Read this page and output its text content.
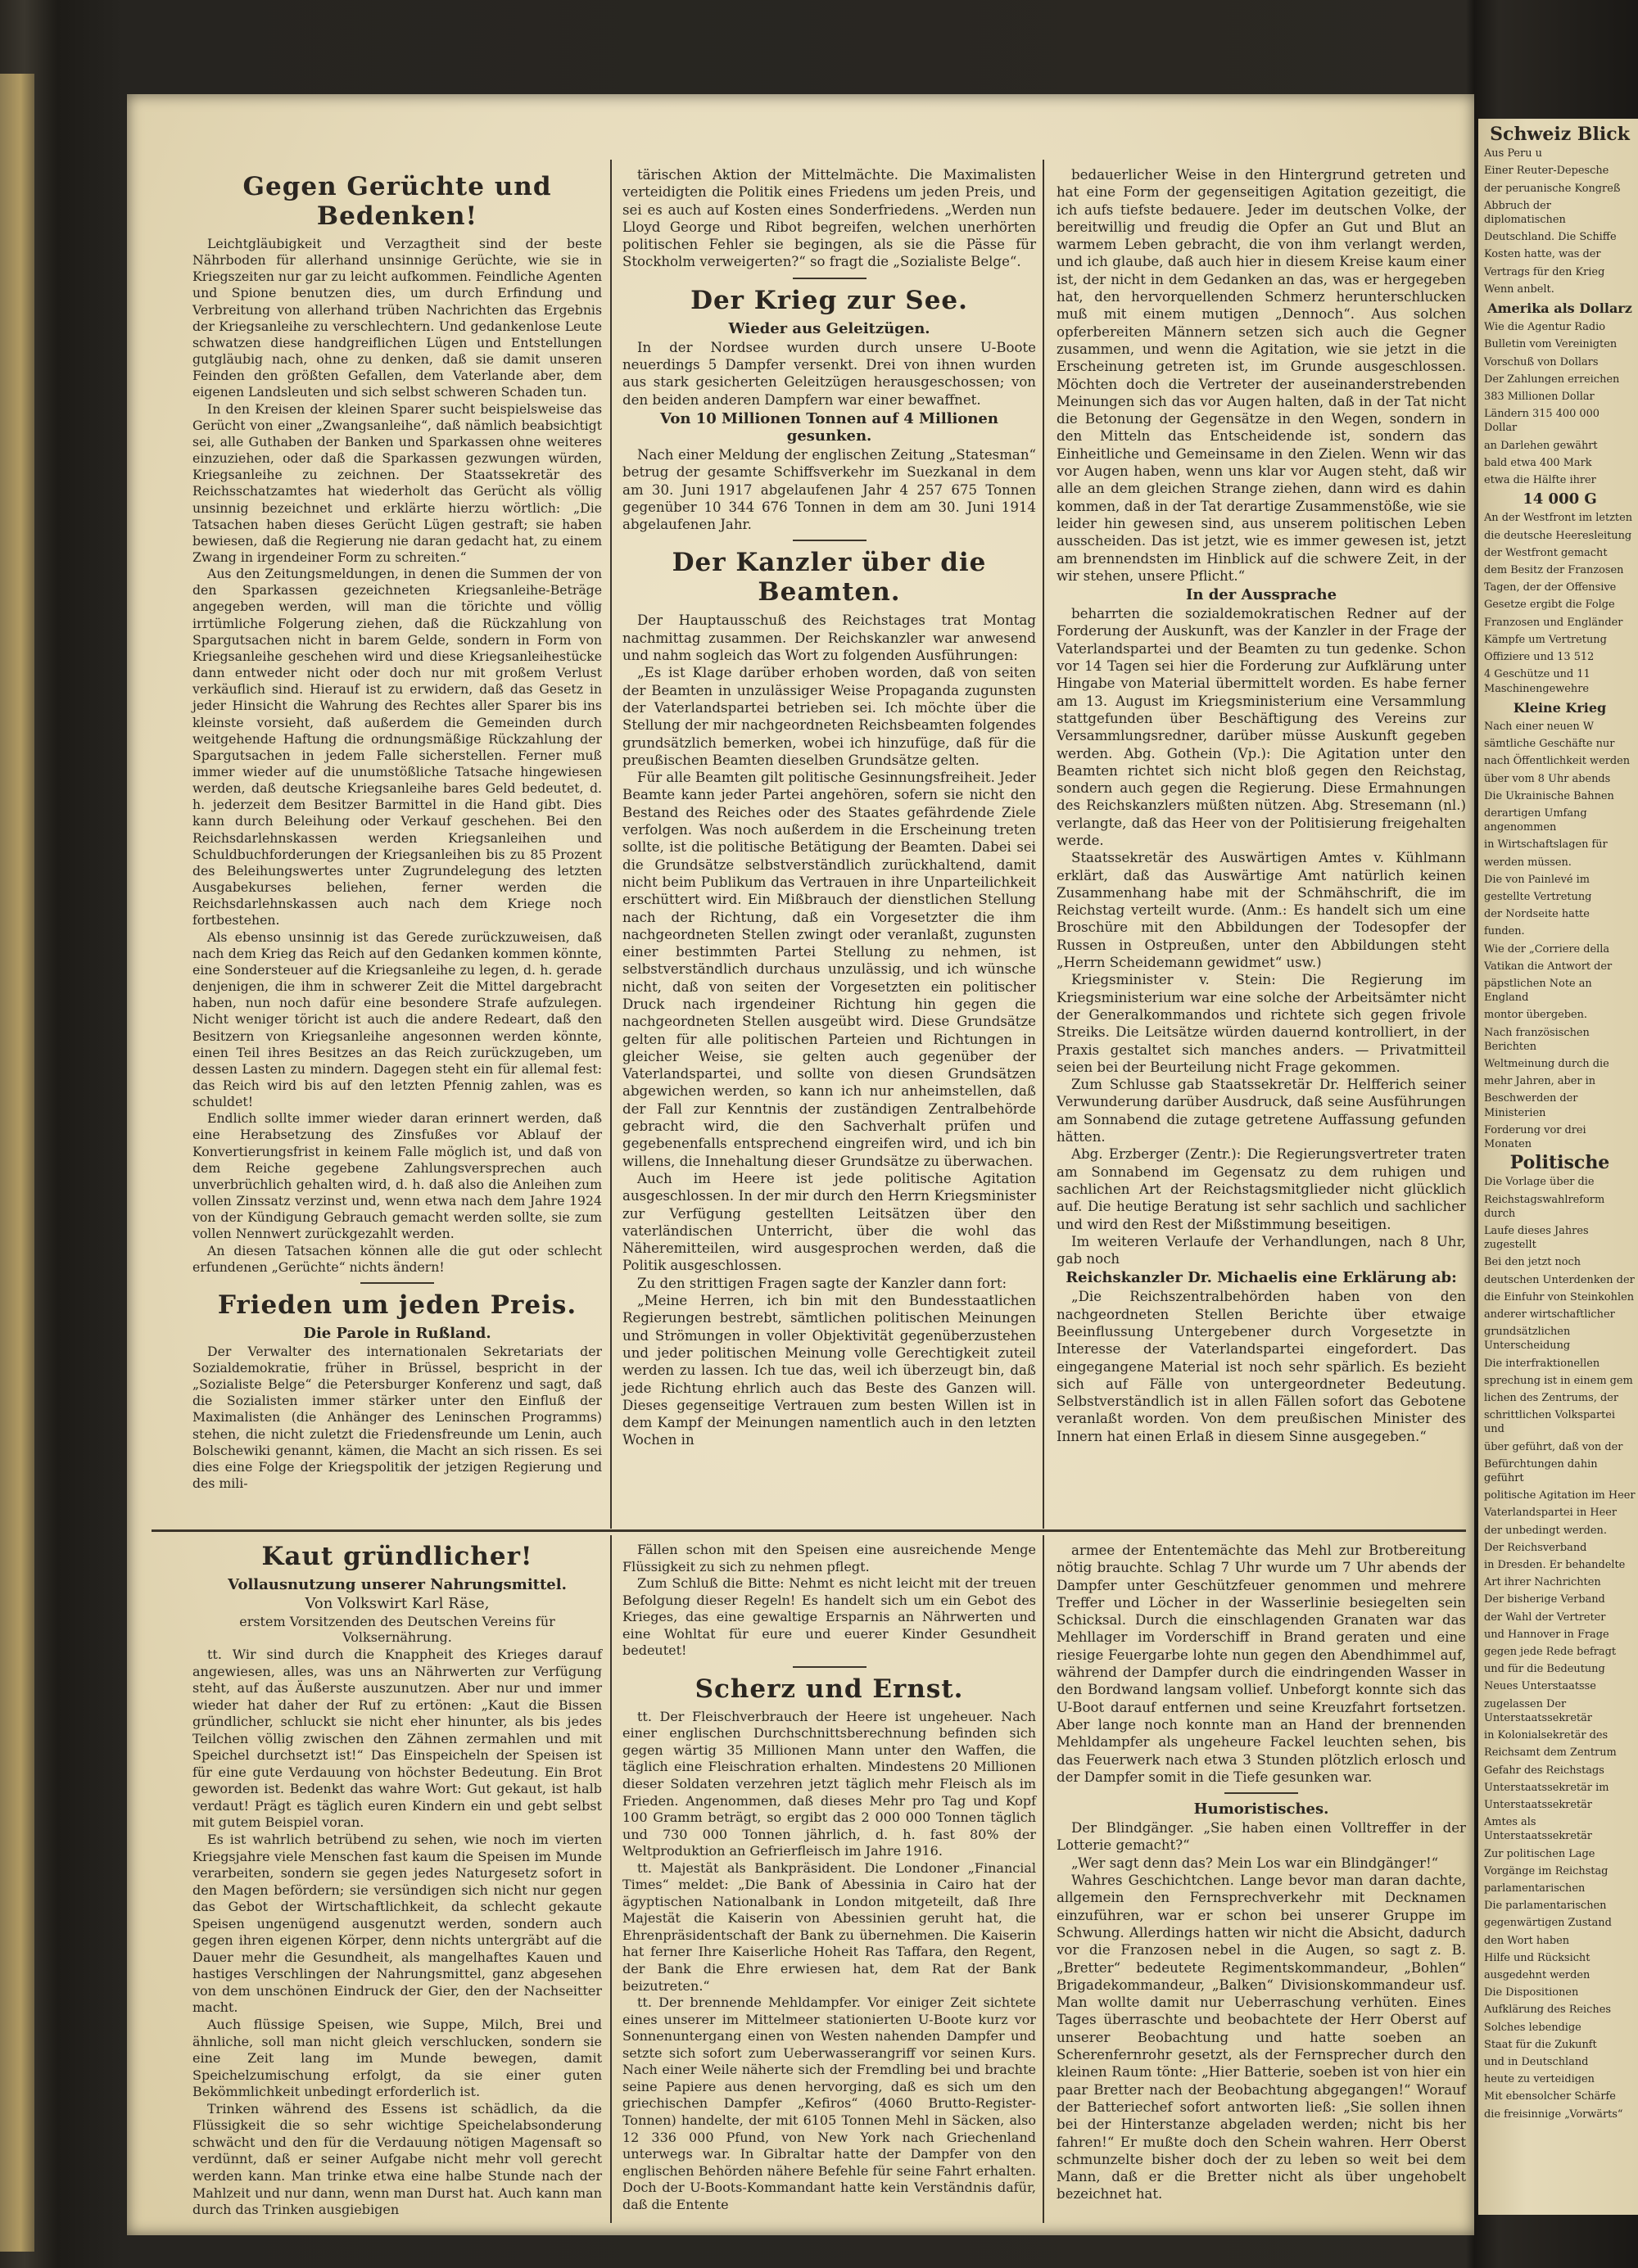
Gegen Gerüchte und Bedenken!

Leichtgläubigkeit und Verzagtheit sind der beste Nährboden für allerhand unsinnige Gerüchte, wie sie in Kriegszeiten nur gar zu leicht aufkommen. Feindliche Agenten und Spione benutzen dies, um durch Erfindung und Verbreitung von allerhand trüben Nachrichten das Ergebnis der Kriegsanleihe zu verschlechtern. Und gedankenlose Leute schwatzen diese handgreiflichen Lügen und Entstellungen gutgläubig nach, ohne zu denken, daß sie damit unseren Feinden den größten Gefallen, dem Vaterlande aber, dem eigenen Landsleuten und sich selbst schweren Schaden tun.

In den Kreisen der kleinen Sparer sucht beispielsweise das Gerücht von einer „Zwangsanleihe“, daß nämlich beabsichtigt sei, alle Guthaben der Banken und Sparkassen ohne weiteres einzuziehen, oder daß die Sparkassen gezwungen würden, Kriegsanleihe zu zeichnen. Der Staatssekretär des Reichsschatzamtes hat wiederholt das Gerücht als völlig unsinnig bezeichnet und erklärte hierzu wörtlich: „Die Tatsachen haben dieses Gerücht Lügen gestraft; sie haben bewiesen, daß die Regierung nie daran gedacht hat, zu einem Zwang in irgendeiner Form zu schreiten.“

Aus den Zeitungsmeldungen, in denen die Summen der von den Sparkassen gezeichneten Kriegsanleihe-Beträge angegeben werden, will man die törichte und völlig irrtümliche Folgerung ziehen, daß die Rückzahlung von Spargutsachen nicht in barem Gelde, sondern in Form von Kriegsanleihe geschehen wird und diese Kriegsanleihestücke dann entweder nicht oder doch nur mit großem Verlust verkäuflich sind. Hierauf ist zu erwidern, daß das Gesetz in jeder Hinsicht die Wahrung des Rechtes aller Sparer bis ins kleinste vorsieht, daß außerdem die Gemeinden durch weitgehende Haftung die ordnungsmäßige Rückzahlung der Spargutsachen in jedem Falle sicherstellen. Ferner muß immer wieder auf die unumstößliche Tatsache hingewiesen werden, daß deutsche Kriegsanleihe bares Geld bedeutet, d. h. jederzeit dem Besitzer Barmittel in die Hand gibt. Dies kann durch Beleihung oder Verkauf geschehen. Bei den Reichsdarlehnskassen werden Kriegsanleihen und Schuldbuchforderungen der Kriegsanleihen bis zu 85 Prozent des Beleihungswertes unter Zugrundelegung des letzten Ausgabekurses beliehen, ferner werden die Reichsdarlehnskassen auch nach dem Kriege noch fortbestehen.

Als ebenso unsinnig ist das Gerede zurückzuweisen, daß nach dem Krieg das Reich auf den Gedanken kommen könnte, eine Sondersteuer auf die Kriegsanleihe zu legen, d. h. gerade denjenigen, die ihm in schwerer Zeit die Mittel dargebracht haben, nun noch dafür eine besondere Strafe aufzulegen. Nicht weniger töricht ist auch die andere Redeart, daß den Besitzern von Kriegsanleihe angesonnen werden könnte, einen Teil ihres Besitzes an das Reich zurückzugeben, um dessen Lasten zu mindern. Dagegen steht ein für allemal fest: das Reich wird bis auf den letzten Pfennig zahlen, was es schuldet!

Endlich sollte immer wieder daran erinnert werden, daß eine Herabsetzung des Zinsfußes vor Ablauf der Konvertierungsfrist in keinem Falle möglich ist, und daß von dem Reiche gegebene Zahlungsversprechen auch unverbrüchlich gehalten wird, d. h. daß also die Anleihen zum vollen Zinssatz verzinst und, wenn etwa nach dem Jahre 1924 von der Kündigung Gebrauch gemacht werden sollte, sie zum vollen Nennwert zurückgezahlt werden.

An diesen Tatsachen können alle die gut oder schlecht erfundenen „Gerüchte“ nichts ändern!

Frieden um jeden Preis.
Die Parole in Rußland.

Der Verwalter des internationalen Sekretariats der Sozialdemokratie, früher in Brüssel, bespricht in der „Sozialiste Belge“ die Petersburger Konferenz und sagt, daß die Sozialisten immer stärker unter den Einfluß der Maximalisten (die Anhänger des Leninschen Programms) stehen, die nicht zuletzt die Friedensfreunde um Lenin, auch Bolschewiki genannt, kämen, die Macht an sich rissen. Es sei dies eine Folge der Kriegspolitik der jetzigen Regierung und des mili-

tärischen Aktion der Mittelmächte. Die Maximalisten verteidigten die Politik eines Friedens um jeden Preis, und sei es auch auf Kosten eines Sonderfriedens. „Werden nun Lloyd George und Ribot begreifen, welchen unerhörten politischen Fehler sie begingen, als sie die Pässe für Stockholm verweigerten?“ so fragt die „Sozialiste Belge“.

Der Krieg zur See.
Wieder aus Geleitzügen.

In der Nordsee wurden durch unsere U-Boote neuerdings 5 Dampfer versenkt. Drei von ihnen wurden aus stark gesicherten Geleitzügen herausgeschossen; von den beiden anderen Dampfern war einer bewaffnet.

Von 10 Millionen Tonnen auf 4 Millionen gesunken.

Nach einer Meldung der englischen Zeitung „Statesman“ betrug der gesamte Schiffsverkehr im Suezkanal in dem am 30. Juni 1917 abgelaufenen Jahr 4 257 675 Tonnen gegenüber 10 344 676 Tonnen in dem am 30. Juni 1914 abgelaufenen Jahr.

Der Kanzler über die Beamten.

Der Hauptausschuß des Reichstages trat Montag nachmittag zusammen. Der Reichskanzler war anwesend und nahm sogleich das Wort zu folgenden Ausführungen:

„Es ist Klage darüber erhoben worden, daß von seiten der Beamten in unzulässiger Weise Propaganda zugunsten der Vaterlandspartei betrieben sei. Ich möchte über die Stellung der mir nachgeordneten Reichsbeamten folgendes grundsätzlich bemerken, wobei ich hinzufüge, daß für die preußischen Beamten dieselben Grundsätze gelten.

Für alle Beamten gilt politische Gesinnungsfreiheit. Jeder Beamte kann jeder Partei angehören, sofern sie nicht den Bestand des Reiches oder des Staates gefährdende Ziele verfolgen. Was noch außerdem in die Erscheinung treten sollte, ist die politische Betätigung der Beamten. Dabei sei die Grundsätze selbstverständlich zurückhaltend, damit nicht beim Publikum das Vertrauen in ihre Unparteilichkeit erschüttert wird. Ein Mißbrauch der dienstlichen Stellung nach der Richtung, daß ein Vorgesetzter die ihm nachgeordneten Stellen zwingt oder veranlaßt, zugunsten einer bestimmten Partei Stellung zu nehmen, ist selbstverständlich durchaus unzulässig, und ich wünsche nicht, daß von seiten der Vorgesetzten ein politischer Druck nach irgendeiner Richtung hin gegen die nachgeordneten Stellen ausgeübt wird. Diese Grundsätze gelten für alle politischen Parteien und Richtungen in gleicher Weise, sie gelten auch gegenüber der Vaterlandspartei, und sollte von diesen Grundsätzen abgewichen werden, so kann ich nur anheimstellen, daß der Fall zur Kenntnis der zuständigen Zentralbehörde gebracht wird, die den Sachverhalt prüfen und gegebenenfalls entsprechend eingreifen wird, und ich bin willens, die Innehaltung dieser Grundsätze zu überwachen.

Auch im Heere ist jede politische Agitation ausgeschlossen. In der mir durch den Herrn Kriegsminister zur Verfügung gestellten Leitsätzen über den vaterländischen Unterricht, über die wohl das Näheremitteilen, wird ausgesprochen werden, daß die Politik ausgeschlossen.

Zu den strittigen Fragen sagte der Kanzler dann fort:

„Meine Herren, ich bin mit den Bundesstaatlichen Regierungen bestrebt, sämtlichen politischen Meinungen und Strömungen in voller Objektivität gegenüberzustehen und jeder politischen Meinung volle Gerechtigkeit zuteil werden zu lassen. Ich tue das, weil ich überzeugt bin, daß jede Richtung ehrlich auch das Beste des Ganzen will. Dieses gegenseitige Vertrauen zum besten Willen ist in dem Kampf der Meinungen namentlich auch in den letzten Wochen in

bedauerlicher Weise in den Hintergrund getreten und hat eine Form der gegenseitigen Agitation gezeitigt, die ich aufs tiefste bedauere. Jeder im deutschen Volke, der bereitwillig und freudig die Opfer an Gut und Blut an warmem Leben gebracht, die von ihm verlangt werden, und ich glaube, daß auch hier in diesem Kreise kaum einer ist, der nicht in dem Gedanken an das, was er hergegeben hat, den hervorquellenden Schmerz herunterschlucken muß mit einem mutigen „Dennoch“. Aus solchen opferbereiten Männern setzen sich auch die Gegner zusammen, und wenn die Agitation, wie sie jetzt in die Erscheinung getreten ist, im Grunde ausgeschlossen. Möchten doch die Vertreter der auseinanderstrebenden Meinungen sich das vor Augen halten, daß in der Tat nicht die Betonung der Gegensätze in den Wegen, sondern in den Mitteln das Entscheidende ist, sondern das Einheitliche und Gemeinsame in den Zielen. Wenn wir das vor Augen haben, wenn uns klar vor Augen steht, daß wir alle an dem gleichen Strange ziehen, dann wird es dahin kommen, daß in der Tat derartige Zusammenstöße, wie sie leider hin gewesen sind, aus unserem politischen Leben ausscheiden. Das ist jetzt, wie es immer gewesen ist, jetzt am brennendsten im Hinblick auf die schwere Zeit, in der wir stehen, unsere Pflicht.“

In der Aussprache

beharrten die sozialdemokratischen Redner auf der Forderung der Auskunft, was der Kanzler in der Frage der Vaterlandspartei und der Beamten zu tun gedenke. Schon vor 14 Tagen sei hier die Forderung zur Aufklärung unter Hingabe von Material übermittelt worden. Es habe ferner am 13. August im Kriegsministerium eine Versammlung stattgefunden über Beschäftigung des Vereins zur Versammlungsredner, darüber müsse Auskunft gegeben werden. Abg. Gothein (Vp.): Die Agitation unter den Beamten richtet sich nicht bloß gegen den Reichstag, sondern auch gegen die Regierung. Diese Ermahnungen des Reichskanzlers müßten nützen. Abg. Stresemann (nl.) verlangte, daß das Heer von der Politisierung freigehalten werde.

Staatssekretär des Auswärtigen Amtes v. Kühlmann erklärt, daß das Auswärtige Amt natürlich keinen Zusammenhang habe mit der Schmähschrift, die im Reichstag verteilt wurde. (Anm.: Es handelt sich um eine Broschüre mit den Abbildungen der Todesopfer der Russen in Ostpreußen, unter den Abbildungen steht „Herrn Scheidemann gewidmet“ usw.)

Kriegsminister v. Stein: Die Regierung im Kriegsministerium war eine solche der Arbeitsämter nicht der Generalkommandos und richtete sich gegen frivole Streiks. Die Leitsätze würden dauernd kontrolliert, in der Praxis gestaltet sich manches anders. — Privatmitteil seien bei der Beurteilung nicht Frage gekommen.

Zum Schlusse gab Staatssekretär Dr. Helfferich seiner Verwunderung darüber Ausdruck, daß seine Ausführungen am Sonnabend die zutage getretene Auffassung gefunden hätten.

Abg. Erzberger (Zentr.): Die Regierungsvertreter traten am Sonnabend im Gegensatz zu dem ruhigen und sachlichen Art der Reichstagsmitglieder nicht glücklich auf. Die heutige Beratung ist sehr sachlich und sachlicher und wird den Rest der Mißstimmung beseitigen.

Im weiteren Verlaufe der Verhandlungen, nach 8 Uhr, gab noch

Reichskanzler Dr. Michaelis eine Erklärung ab:

„Die Reichszentralbehörden haben von den nachgeordneten Stellen Berichte über etwaige Beeinflussung Untergebener durch Vorgesetzte in Interesse der Vaterlandspartei eingefordert. Das eingegangene Material ist noch sehr spärlich. Es bezieht sich auf Fälle von untergeordneter Bedeutung. Selbstverständlich ist in allen Fällen sofort das Gebotene veranlaßt worden. Von dem preußischen Minister des Innern hat einen Erlaß in diesem Sinne ausgegeben.“

Kaut gründlicher!
Vollausnutzung unserer Nahrungsmittel.
Von Volkswirt Karl Räse,
erstem Vorsitzenden des Deutschen Vereins für Volksernährung.

tt. Wir sind durch die Knappheit des Krieges darauf angewiesen, alles, was uns an Nährwerten zur Verfügung steht, auf das Äußerste auszunutzen. Aber nur und immer wieder hat daher der Ruf zu ertönen: „Kaut die Bissen gründlicher, schluckt sie nicht eher hinunter, als bis jedes Teilchen völlig zwischen den Zähnen zermahlen und mit Speichel durchsetzt ist!“ Das Einspeicheln der Speisen ist für eine gute Verdauung von höchster Bedeutung. Ein Brot geworden ist. Bedenkt das wahre Wort: Gut gekaut, ist halb verdaut! Prägt es täglich euren Kindern ein und gebt selbst mit gutem Beispiel voran.

Es ist wahrlich betrübend zu sehen, wie noch im vierten Kriegsjahre viele Menschen fast kaum die Speisen im Munde verarbeiten, sondern sie gegen jedes Naturgesetz sofort in den Magen befördern; sie versündigen sich nicht nur gegen das Gebot der Wirtschaftlichkeit, da schlecht gekaute Speisen ungenügend ausgenutzt werden, sondern auch gegen ihren eigenen Körper, denn nichts untergräbt auf die Dauer mehr die Gesundheit, als mangelhaftes Kauen und hastiges Verschlingen der Nahrungsmittel, ganz abgesehen von dem unschönen Eindruck der Gier, den der Nachseitter macht.

Auch flüssige Speisen, wie Suppe, Milch, Brei und ähnliche, soll man nicht gleich verschlucken, sondern sie eine Zeit lang im Munde bewegen, damit Speichelzumischung erfolgt, da sie einer guten Bekömmlichkeit unbedingt erforderlich ist.

Trinken während des Essens ist schädlich, da die Flüssigkeit die so sehr wichtige Speichelabsonderung schwächt und den für die Verdauung nötigen Magensaft so verdünnt, daß er seiner Aufgabe nicht mehr voll gerecht werden kann. Man trinke etwa eine halbe Stunde nach der Mahlzeit und nur dann, wenn man Durst hat. Auch kann man durch das Trinken ausgiebigen

Fällen schon mit den Speisen eine ausreichende Menge Flüssigkeit zu sich zu nehmen pflegt.

Zum Schluß die Bitte: Nehmt es nicht leicht mit der treuen Befolgung dieser Regeln! Es handelt sich um ein Gebot des Krieges, das eine gewaltige Ersparnis an Nährwerten und eine Wohltat für eure und euerer Kinder Gesundheit bedeutet!

Scherz und Ernst.

tt. Der Fleischverbrauch der Heere ist ungeheuer. Nach einer englischen Durchschnittsberechnung befinden sich gegen wärtig 35 Millionen Mann unter den Waffen, die täglich eine Fleischration erhalten. Mindestens 20 Millionen dieser Soldaten verzehren jetzt täglich mehr Fleisch als im Frieden. Angenommen, daß dieses Mehr pro Tag und Kopf 100 Gramm beträgt, so ergibt das 2 000 000 Tonnen täglich und 730 000 Tonnen jährlich, d. h. fast 80% der Weltproduktion an Gefrierfleisch im Jahre 1916.

tt. Majestät als Bankpräsident. Die Londoner „Financial Times“ meldet: „Die Bank of Abessinia in Cairo hat der ägyptischen Nationalbank in London mitgeteilt, daß Ihre Majestät die Kaiserin von Abessinien geruht hat, die Ehrenpräsidentschaft der Bank zu übernehmen. Die Kaiserin hat ferner Ihre Kaiserliche Hoheit Ras Taffara, den Regent, der Bank die Ehre erwiesen hat, dem Rat der Bank beizutreten.“

tt. Der brennende Mehldampfer. Vor einiger Zeit sichtete eines unserer im Mittelmeer stationierten U-Boote kurz vor Sonnenuntergang einen von Westen nahenden Dampfer und setzte sich sofort zum Ueberwasserangriff vor seinen Kurs. Nach einer Weile näherte sich der Fremdling bei und brachte seine Papiere aus denen hervorging, daß es sich um den griechischen Dampfer „Kefiros“ (4060 Brutto-Register-Tonnen) handelte, der mit 6105 Tonnen Mehl in Säcken, also 12 336 000 Pfund, von New York nach Griechenland unterwegs war. In Gibraltar hatte der Dampfer von den englischen Behörden nähere Befehle für seine Fahrt erhalten. Doch der U-Boots-Kommandant hatte kein Verständnis dafür, daß die Entente

armee der Ententemächte das Mehl zur Brotbereitung nötig brauchte. Schlag 7 Uhr wurde um 7 Uhr abends der Dampfer unter Geschützfeuer genommen und mehrere Treffer und Löcher in der Wasserlinie besiegelten sein Schicksal. Durch die einschlagenden Granaten war das Mehllager im Vorderschiff in Brand geraten und eine riesige Feuergarbe lohte nun gegen den Abendhimmel auf, während der Dampfer durch die eindringenden Wasser in den Bordwand langsam vollief. Unbeforgt konnte sich das U-Boot darauf entfernen und seine Kreuzfahrt fortsetzen. Aber lange noch konnte man an Hand der brennenden Mehldampfer als ungeheure Fackel leuchten sehen, bis das Feuerwerk nach etwa 3 Stunden plötzlich erlosch und der Dampfer somit in die Tiefe gesunken war.

Humoristisches.

Der Blindgänger. „Sie haben einen Volltreffer in der Lotterie gemacht?“

„Wer sagt denn das? Mein Los war ein Blindgänger!“

Wahres Geschichtchen. Lange bevor man daran dachte, allgemein den Fernsprechverkehr mit Decknamen einzuführen, war er schon bei unserer Gruppe im Schwung. Allerdings hatten wir nicht die Absicht, dadurch vor die Franzosen nebel in die Augen, so sagt z. B. „Bretter“ bedeutete Regimentskommandeur, „Bohlen“ Brigadekommandeur, „Balken“ Divisionskommandeur usf. Man wollte damit nur Ueberraschung verhüten. Eines Tages überraschte und beobachtete der Herr Oberst auf unserer Beobachtung und hatte soeben an Scherenfernrohr gesetzt, als der Fernsprecher durch den kleinen Raum tönte: „Hier Batterie, soeben ist von hier ein paar Bretter nach der Beobachtung abgegangen!“ Worauf der Batteriechef sofort antworten ließ: „Sie sollen ihnen bei der Hinterstanze abgeladen werden; nicht bis her fahren!“ Er mußte doch den Schein wahren. Herr Oberst schmunzelte bisher doch der zu leben so weit bei dem Mann, daß er die Bretter nicht als über ungehobelt bezeichnet hat.

Schweiz Blick

Aus Peru u

Einer Reuter-Depesche

der peruanische Kongreß

Abbruch der diplomatischen

Deutschland. Die Schiffe

Kosten hatte, was der

Vertrags für den Krieg

Wenn anbelt.

Amerika als Dollarz

Wie die Agentur Radio

Bulletin vom Vereinigten

Vorschuß von Dollars

Der Zahlungen erreichen

383 Millionen Dollar

Ländern 315 400 000 Dollar

an Darlehen gewährt

bald etwa 400 Mark

etwa die Hälfte ihrer

14 000 G

An der Westfront im letzten

die deutsche Heeresleitung

der Westfront gemacht

dem Besitz der Franzosen

Tagen, der der Offensive

Gesetze ergibt die Folge

Franzosen und Engländer

Kämpfe um Vertretung

Offiziere und 13 512

4 Geschütze und 11 Maschinengewehre

Kleine Krieg

Nach einer neuen W

sämtliche Geschäfte nur

nach Öffentlichkeit werden

über vom 8 Uhr abends

Die Ukrainische Bahnen

derartigen Umfang angenommen

in Wirtschaftslagen für

werden müssen.

Die von Painlevé im

gestellte Vertretung

der Nordseite hatte

funden.

Wie der „Corriere della

Vatikan die Antwort der

päpstlichen Note an England

montor übergeben.

Nach französischen Berichten

Weltmeinung durch die

mehr Jahren, aber in

Beschwerden der Ministerien

Forderung vor drei Monaten

Politische

Die Vorlage über die

Reichstagswahlreform durch

Laufe dieses Jahres zugestellt

Bei den jetzt noch

deutschen Unterdenken der

die Einfuhr von Steinkohlen

anderer wirtschaftlicher

grundsätzlichen Unterscheidung

Die interfraktionellen

sprechung ist in einem gem

lichen des Zentrums, der

schrittlichen Volkspartei und

über geführt, daß von der

Befürchtungen dahin geführt

politische Agitation im Heer

Vaterlandspartei in Heer

der unbedingt werden.

Der Reichsverband

in Dresden. Er behandelte

Art ihrer Nachrichten

Der bisherige Verband

der Wahl der Vertreter

und Hannover in Frage

gegen jede Rede befragt

und für die Bedeutung

Neues Unterstaatsse

zugelassen Der Unterstaatssekretär

in Kolonialsekretär des

Reichsamt dem Zentrum

Gefahr des Reichstags

Unterstaatssekretär im

Unterstaatssekretär

Amtes als Unterstaatssekretär

Zur politischen Lage

Vorgänge im Reichstag

parlamentarischen

Die parlamentarischen

gegenwärtigen Zustand

den Wort haben

Hilfe und Rücksicht

ausgedehnt werden

Die Dispositionen

Aufklärung des Reiches

Solches lebendige

Staat für die Zukunft

und in Deutschland

heute zu verteidigen

Mit ebensolcher Schärfe

die freisinnige „Vorwärts“
